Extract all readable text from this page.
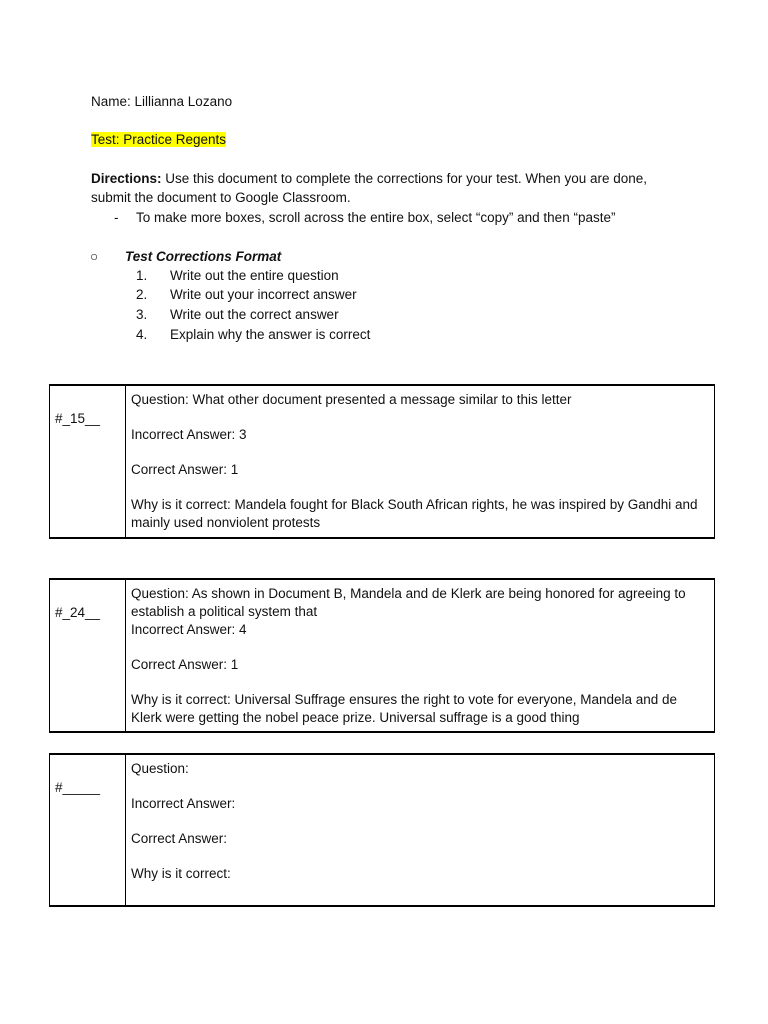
Name: Lillianna Lozano
Test: Practice Regents
Directions: Use this document to complete the corrections for your test. When you are done,
submit the document to Google Classroom.
- To make more boxes, scroll across the entire box, select “copy” and then “paste”
○ Test Corrections Format
1. Write out the entire question
2. Write out your incorrect answer
3. Write out the correct answer
4. Explain why the answer is correct
#_15__

Question: What other document presented a message similar to this letter

Incorrect Answer: 3

Correct Answer: 1

Why is it correct: Mandela fought for Black South African rights, he was inspired by Gandhi and mainly used nonviolent protests

#_24__

Question: As shown in Document B, Mandela and de Klerk are being honored for agreeing to establish a political system that

Incorrect Answer: 4

Correct Answer: 1

Why is it correct: Universal Suffrage ensures the right to vote for everyone, Mandela and de Klerk were getting the nobel peace prize. Universal suffrage is a good thing

#_____

Question:

Incorrect Answer:

Correct Answer:

Why is it correct:
